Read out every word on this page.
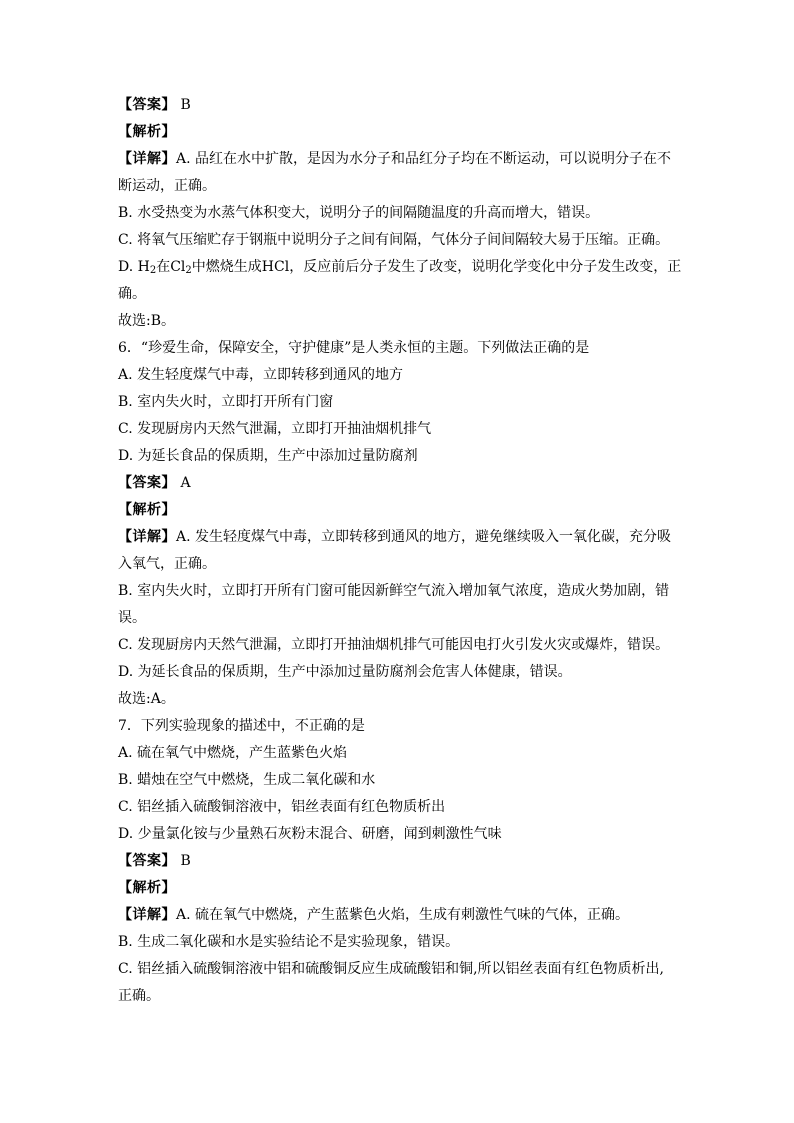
【答案】 B
【解析】
【详解】A. 品红在水中扩散，是因为水分子和品红分子均在不断运动，可以说明分子在不
断运动，正确。
B. 水受热变为水蒸气体积变大，说明分子的间隔随温度的升高而增大，错误。
C. 将氧气压缩贮存于钢瓶中说明分子之间有间隔，气体分子间间隔较大易于压缩。正确。
D. $H_2$在$Cl_2$中燃烧生成HCl，反应前后分子发生了改变，说明化学变化中分子发生改变，正
确。
故选:B。
6．“珍爱生命，保障安全，守护健康”是人类永恒的主题。下列做法正确的是
A. 发生轻度煤气中毒，立即转移到通风的地方
B. 室内失火时，立即打开所有门窗
C. 发现厨房内天然气泄漏，立即打开抽油烟机排气
D. 为延长食品的保质期，生产中添加过量防腐剂
【答案】 A
【解析】
【详解】A. 发生轻度煤气中毒，立即转移到通风的地方，避免继续吸入一氧化碳，充分吸
入氧气，正确。
B. 室内失火时，立即打开所有门窗可能因新鲜空气流入增加氧气浓度，造成火势加剧，错
误。
C. 发现厨房内天然气泄漏，立即打开抽油烟机排气可能因电打火引发火灾或爆炸，错误。
D. 为延长食品的保质期，生产中添加过量防腐剂会危害人体健康，错误。
故选:A。
7．下列实验现象的描述中，不正确的是
A. 硫在氧气中燃烧，产生蓝紫色火焰
B. 蜡烛在空气中燃烧，生成二氧化碳和水
C. 铝丝插入硫酸铜溶液中，铝丝表面有红色物质析出
D. 少量氯化铵与少量熟石灰粉末混合、研磨，闻到刺激性气味
【答案】 B
【解析】
【详解】A. 硫在氧气中燃烧，产生蓝紫色火焰，生成有刺激性气味的气体，正确。
B. 生成二氧化碳和水是实验结论不是实验现象，错误。
C. 铝丝插入硫酸铜溶液中铝和硫酸铜反应生成硫酸铝和铜,所以铝丝表面有红色物质析出,
正确。
